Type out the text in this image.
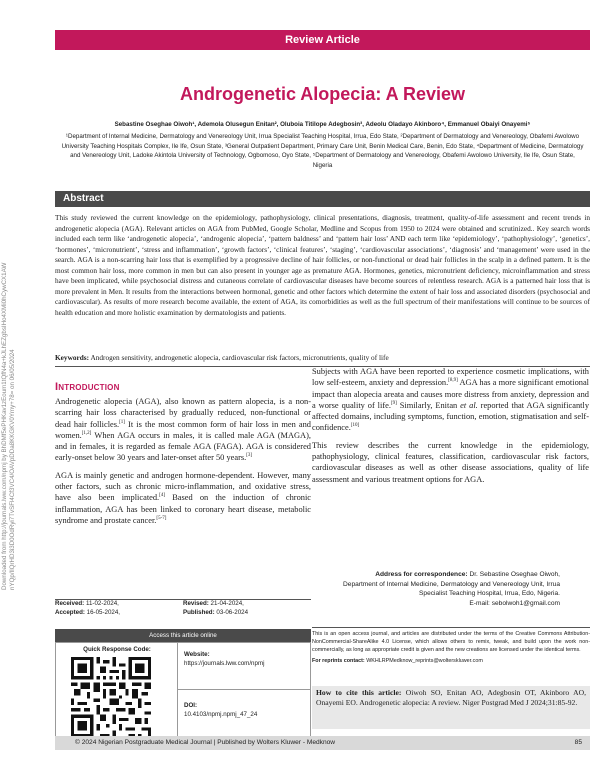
Review Article
Downloaded from http://journals.lww.com/npmj by BhDMf5ePHKav1zEoum1tQfN4a+kJLhEZgbsIHo4XMi0hCywCX1AW nYQp/IlQrHD3i3D0OdRyi7TvSFl4Cf3VC4/OAVpDDa8KKGKV0Ymy+78= on 06/05/2024
Androgenetic Alopecia: A Review
Sebastine Oseghae Oiwoh¹, Ademola Olusegun Enitan², Oluboia Titilope Adegbosin³, Adeolu Oladayo Akinboro⁴, Emmanuel Obaiyi Onayemi⁵
¹Department of Internal Medicine, Dermatology and Venereology Unit, Irrua Specialist Teaching Hospital, Irrua, Edo State, ²Department of Dermatology and Venereology, Obafemi Awolowo University Teaching Hospitals Complex, Ile Ife, Osun State, ³General Outpatient Department, Primary Care Unit, Benin Medical Care, Benin, Edo State, ⁴Department of Medicine, Dermatology and Venereology Unit, Ladoke Akintola University of Technology, Ogbomoso, Oyo State, ⁵Department of Dermatology and Venereology, Obafemi Awolowo University, Ile Ife, Osun State, Nigeria
Abstract

This study reviewed the current knowledge on the epidemiology, pathophysiology, clinical presentations, diagnosis, treatment, quality-of-life assessment and recent trends in androgenetic alopecia (AGA). Relevant articles on AGA from PubMed, Google Scholar, Medline and Scopus from 1950 to 2024 were obtained and scrutinized.. Key search words included each term like ‘androgenetic alopecia’, ‘androgenic alopecia’, ‘pattern baldness’ and ‘pattern hair loss’ AND each term like ‘epidemiology’, ‘pathophysiology’, ‘genetics’, ‘hormones’, ‘micronutrient’, ‘stress and inflammation’, ‘growth factors’, ‘clinical features’, ‘staging’, ‘cardiovascular associations’, ‘diagnosis’ and ‘management’ were used in the search. AGA is a non-scarring hair loss that is exemplified by a progressive decline of hair follicles, or non-functional or dead hair follicles in the scalp in a defined pattern. It is the most common hair loss, more common in men but can also present in younger age as premature AGA. Hormones, genetics, micronutrient deficiency, microinflammation and stress have been implicated, while psychosocial distress and cutaneous correlate of cardiovascular diseases have become sources of relentless research. AGA is a patterned hair loss that is more prevalent in Men. It results from the interactions between hormonal, genetic and other factors which determine the extent of hair loss and associated disorders (psychosocial and cardiovascular). As results of more research become available, the extent of AGA, its comorbidities as well as the full spectrum of their manifestations will continue to be sources of health education and more holistic examination by dermatologists and patients.

Keywords: Androgen sensitivity, androgenetic alopecia, cardiovascular risk factors, micronutrients, quality of life
Introduction

Androgenetic alopecia (AGA), also known as pattern alopecia, is a non-scarring hair loss characterised by gradually reduced, non-functional or dead hair follicles.[1] It is the most common form of hair loss in men and women.[1,2] When AGA occurs in males, it is called male AGA (MAGA), and in females, it is regarded as female AGA (FAGA). AGA is considered early-onset below 30 years and later-onset after 50 years.[3]

AGA is mainly genetic and androgen hormone-dependent. However, many other factors, such as chronic micro-inflammation, and oxidative stress, have also been implicated.[4] Based on the induction of chronic inflammation, AGA has been linked to coronary heart disease, metabolic syndrome and prostate cancer.[5-7]

Subjects with AGA have been reported to experience cosmetic implications, with low self-esteem, anxiety and depression.[8,9] AGA has a more significant emotional impact than alopecia areata and causes more distress from anxiety, depression and a worse quality of life.[9] Similarly, Enitan et al. reported that AGA significantly affected domains, including symptoms, function, emotion, stigmatisation and self-confidence.[10]

This review describes the current knowledge in the epidemiology, pathophysiology, clinical features, classification, cardiovascular risk factors, cardiovascular diseases as well as other disease associations, quality of life assessment and various treatment options for AGA.

Address for correspondence: Dr. Sebastine Oseghae Oiwoh,
Department of Internal Medicine, Dermatology and Venereology Unit, Irrua Specialist Teaching Hospital, Irrua, Edo, Nigeria.
E-mail: sebolwoh1@gmail.com
Received: 11-02-2024,	Revised: 21-04-2024,
Accepted: 16-05-2024,	Published: 03-06-2024
Access this article online
Quick Response Code:
Website:
https://journals.lww.com/npmj
DOI:
10.4103/npmj.npmj_47_24
This is an open access journal, and articles are distributed under the terms of the Creative Commons Attribution-NonCommercial-ShareAlike 4.0 License, which allows others to remix, tweak, and build upon the work non-commercially, as long as appropriate credit is given and the new creations are licensed under the identical terms.
For reprints contact: WKHLRPMedknow_reprints@wolterskluwer.com
How to cite this article: Oiwoh SO, Enitan AO, Adegbosin OT, Akinboro AO, Onayemi EO. Androgenetic alopecia: A review. Niger Postgrad Med J 2024;31:85-92.
© 2024 Nigerian Postgraduate Medical Journal | Published by Wolters Kluwer - Medknow	85
